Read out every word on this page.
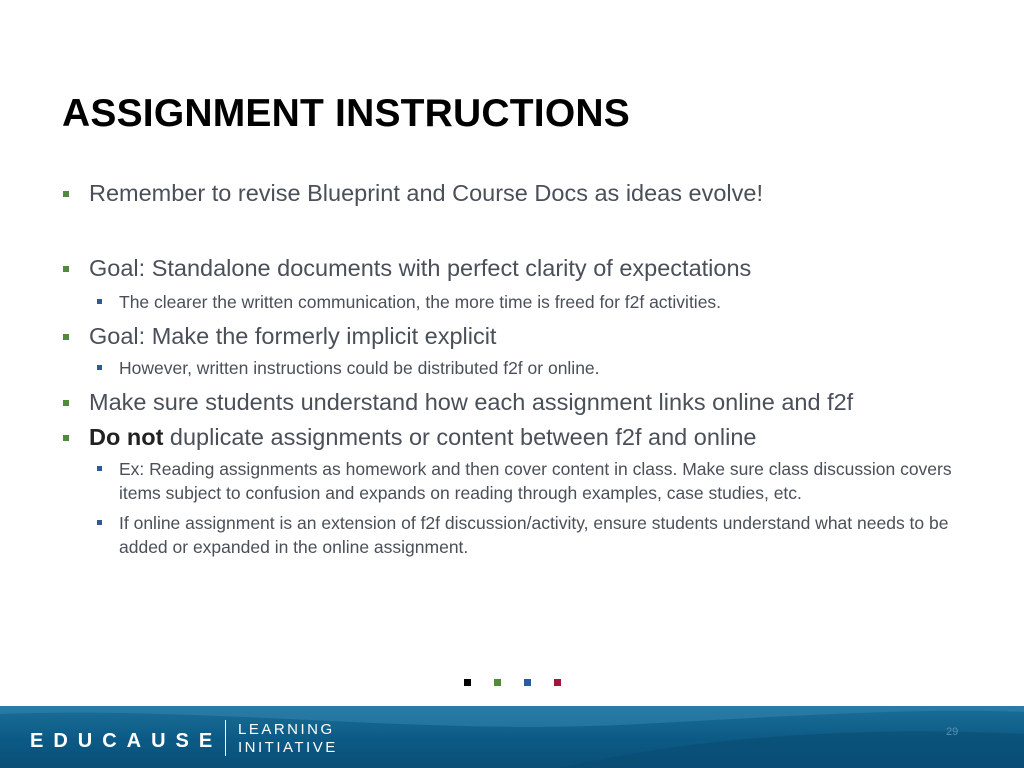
ASSIGNMENT INSTRUCTIONS
Remember to revise Blueprint and Course Docs as ideas evolve!
Goal: Standalone documents with perfect clarity of expectations
The clearer the written communication, the more time is freed for f2f activities.
Goal: Make the formerly implicit explicit
However, written instructions could be distributed f2f or online.
Make sure students understand how each assignment links online and f2f
Do not duplicate assignments or content between f2f and online
Ex: Reading assignments as homework and then cover content in class. Make sure class discussion covers items subject to confusion and expands on reading through examples, case studies, etc.
If online assignment is an extension of f2f discussion/activity, ensure students understand what needs to be added or expanded in the online assignment.
EDUCAUSE
LEARNING
INITIATIVE
29
